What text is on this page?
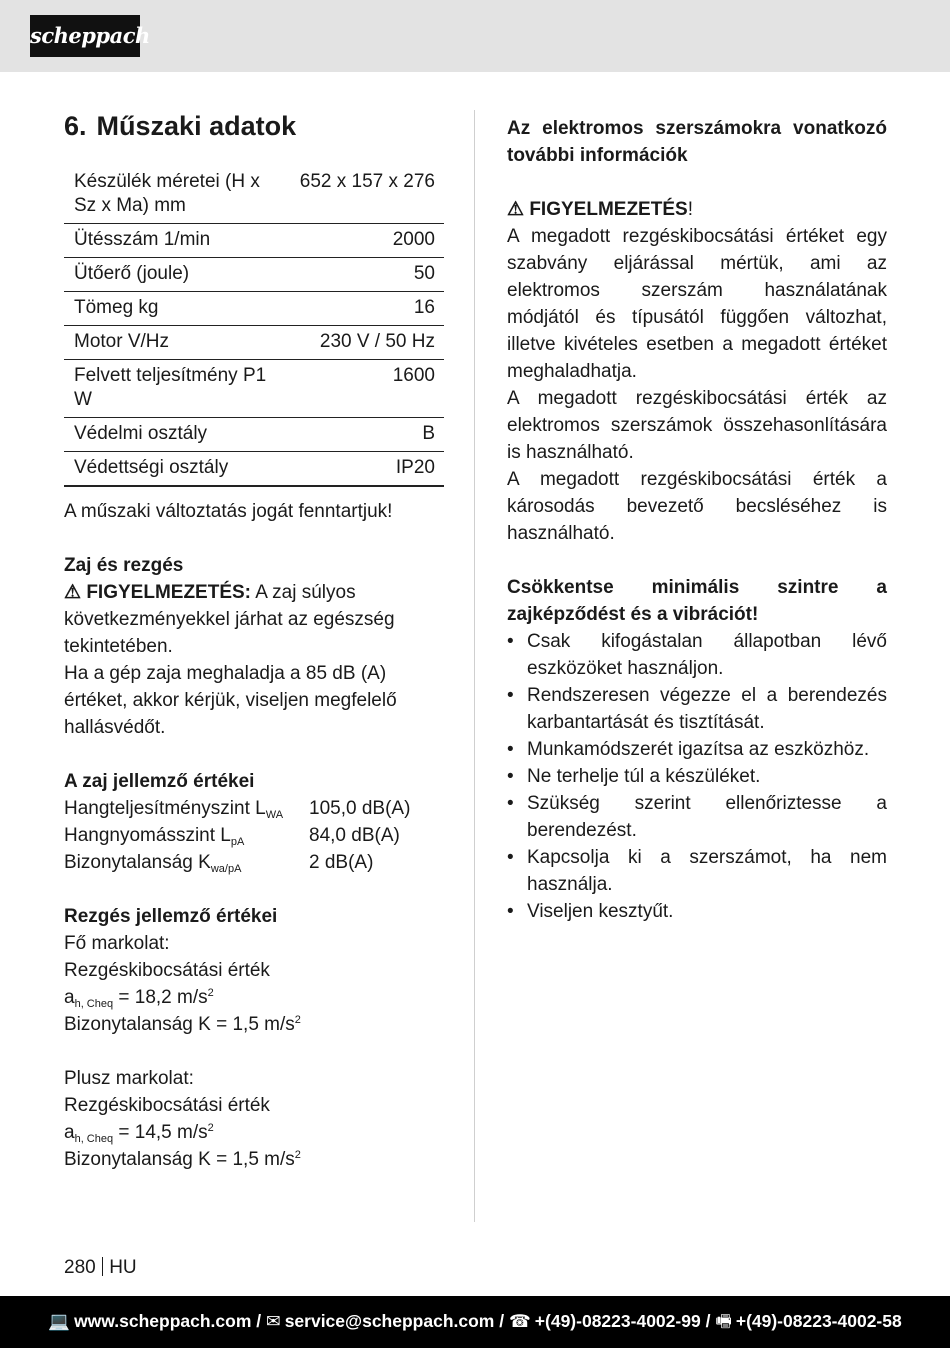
scheppach
6. Műszaki adatok
Készülék méretei (H x Sz x Ma) mm	652 x 157 x 276
Ütésszám 1/min	2000
Ütőerő (joule)	50
Tömeg kg	16
Motor V/Hz	230 V / 50 Hz
Felvett teljesítmény P1 W	1600
Védelmi osztály	B
Védettségi osztály	IP20

A műszaki változtatás jogát fenntartjuk!

Zaj és rezgés

⚠ FIGYELMEZETÉS: A zaj súlyos következményekkel járhat az egészség tekintetében.

Ha a gép zaja meghaladja a 85 dB (A) értéket, akkor kérjük, viseljen megfelelő hallásvédőt.

A zaj jellemző értékei

Hangteljesítményszint $L_{WA}$	105,0 dB(A)
Hangnyomásszint $L_{pA}$	84,0 dB(A)
Bizonytalanság $K_{wa/pA}$	2 dB(A)

Rezgés jellemző értékei

Fő markolat:

Rezgéskibocsátási érték

$a_{h, Cheq} = 18,2$ $m/s^2$

Bizonytalanság K = 1,5 $m/s^2$

Plusz markolat:

Rezgéskibocsátási érték

$a_{h, Cheq} = 14,5$ $m/s^2$

Bizonytalanság K = 1,5 $m/s^2$

Az elektromos szerszámokra vonatkozó további információk

⚠ FIGYELMEZETÉS!

A megadott rezgéskibocsátási értéket egy szabvány eljárással mértük, ami az elektromos szerszám használatának módjától és típusától függően változhat, illetve kivételes esetben a megadott értéket meghaladhatja.

A megadott rezgéskibocsátási érték az elektromos szerszámok összehasonlítására is használható.

A megadott rezgéskibocsátási érték a károsodás bevezető becsléséhez is használható.

Csökkentse minimális szintre a zajképződést és a vibrációt!

• Csak kifogástalan állapotban lévő eszközöket használjon.
• Rendszeresen végezze el a berendezés karbantartását és tisztítását.
• Munkamódszerét igazítsa az eszközhöz.
• Ne terhelje túl a készüléket.
• Szükség szerint ellenőriztesse a berendezést.
• Kapcsolja ki a szerszámot, ha nem használja.
• Viseljen kesztyűt.
280 HU
💻 www.scheppach.com / ✉ service@scheppach.com / ☎ +(49)-08223-4002-99 / 🖷 +(49)-08223-4002-58
